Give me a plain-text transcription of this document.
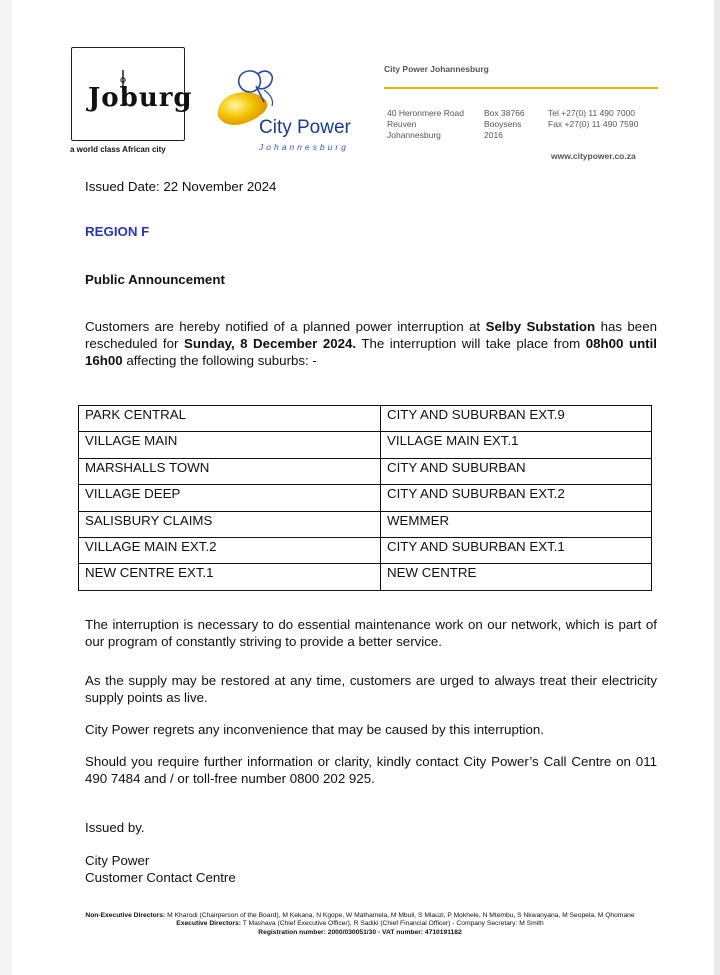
Joburg
a world class African city
City Power
Johannesburg
City Power Johannesburg
40 Heronmere Road
Reuven
Johannesburg
Box 38766
Booysens
2016
Tel +27(0) 11 490 7000
Fax +27(0) 11 490 7590
www.citypower.co.za
Issued Date: 22 November 2024
REGION F
Public Announcement
Customers are hereby notified of a planned power interruption at Selby Substation has been rescheduled for Sunday, 8 December 2024. The interruption will take place from 08h00 until 16h00 affecting the following suburbs: -
PARK CENTRAL	CITY AND SUBURBAN EXT.9
VILLAGE MAIN	VILLAGE MAIN EXT.1
MARSHALLS TOWN	CITY AND SUBURBAN
VILLAGE DEEP	CITY AND SUBURBAN EXT.2
SALISBURY CLAIMS	WEMMER
VILLAGE MAIN EXT.2	CITY AND SUBURBAN EXT.1
NEW CENTRE EXT.1	NEW CENTRE
The interruption is necessary to do essential maintenance work on our network, which is part of our program of constantly striving to provide a better service.
As the supply may be restored at any time, customers are urged to always treat their electricity supply points as live.
City Power regrets any inconvenience that may be caused by this interruption.
Should you require further information or clarity, kindly contact City Power’s Call Centre on 011 490 7484 and / or toll-free number 0800 202 925.
Issued by.
City Power
Customer Contact Centre
Non-Executive Directors: M Kharodi (Chairperson of the Board), M Kekana, N Kgope, W Mathamela, M Mbuli, S Mlauzi, P Mokhele, N Mtembu, S Nkwanyana, M Seopela, M Qhomane
Executive Directors: T Mashava (Chief Executive Officer), R Sadiki (Chief Financial Officer) - Company Secretary: M Smith
Registration number: 2000/030051/30 - VAT number: 4710191182
